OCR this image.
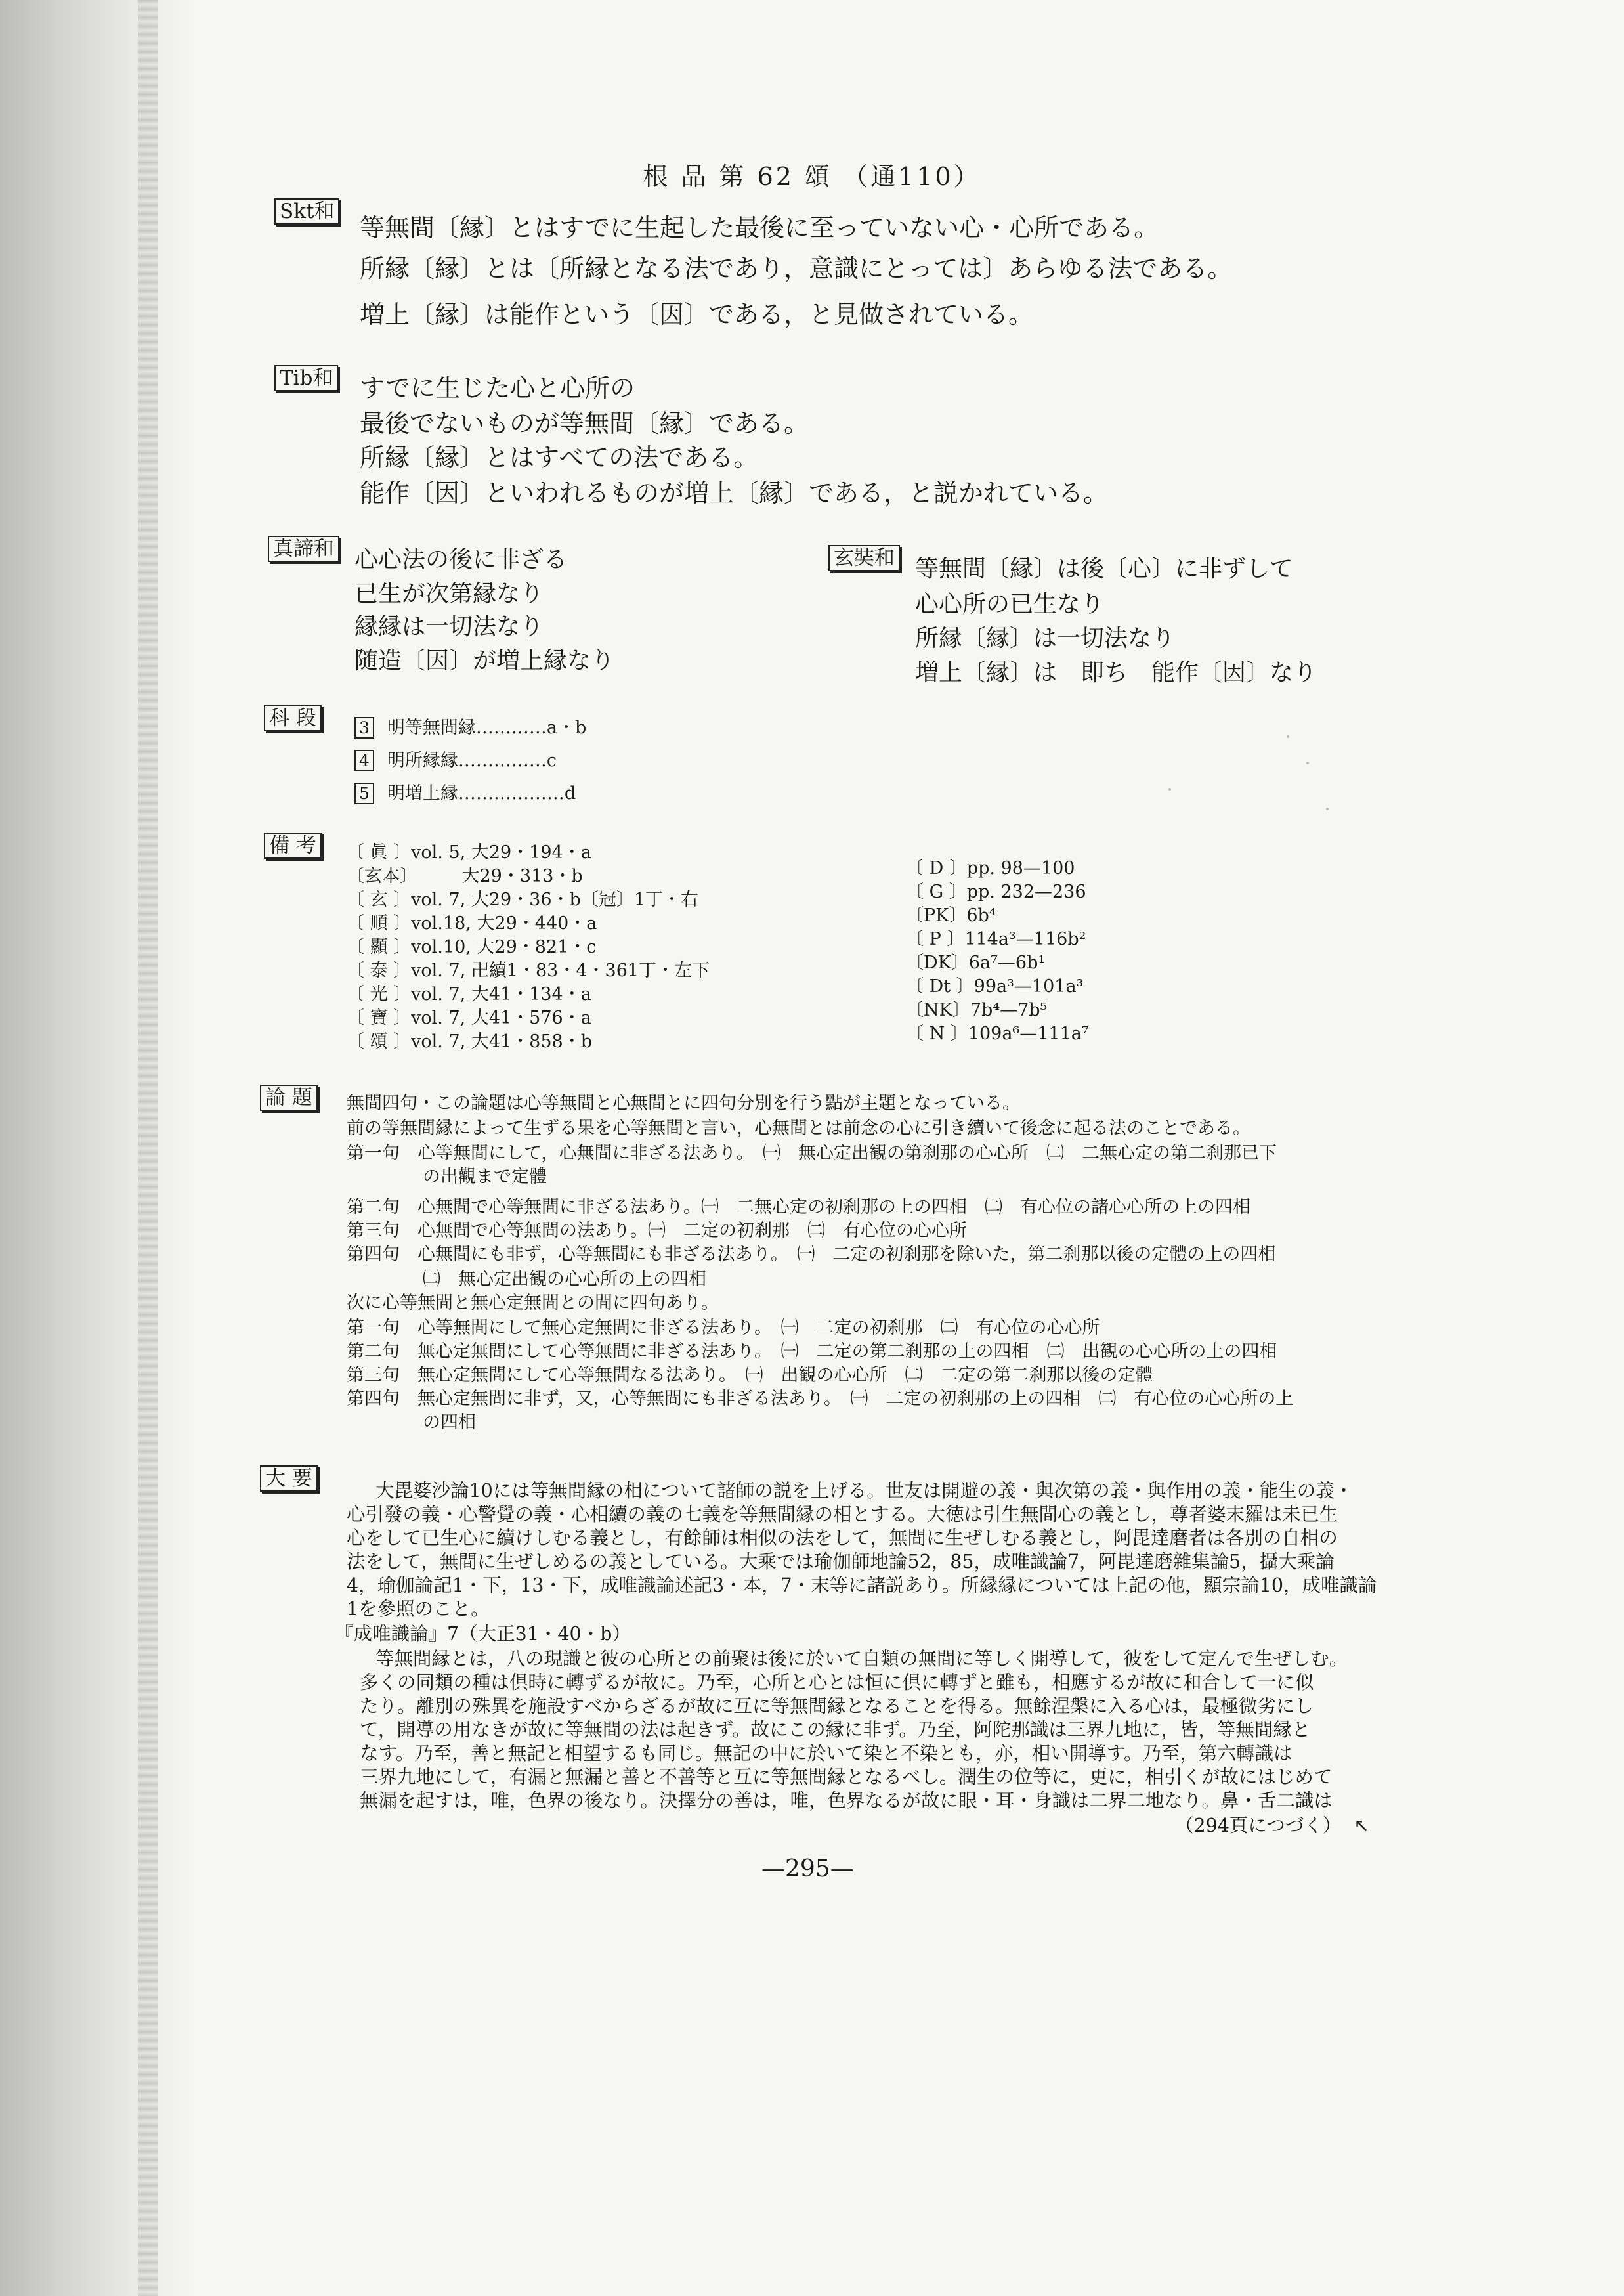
根 品 第 62 頌 （通110）
Skt和
等無間〔縁〕とはすでに生起した最後に至っていない心・心所である。
所縁〔縁〕とは〔所縁となる法であり，意識にとっては〕あらゆる法である。
増上〔縁〕は能作という〔因〕である，と見做されている。
Tib和 すでに生じた心と心所の
最後でないものが等無間〔縁〕である。
所縁〔縁〕とはすべての法である。
能作〔因〕といわれるものが増上〔縁〕である，と説かれている。
真諦和 心心法の後に非ざる
已生が次第縁なり
縁縁は一切法なり
随造〔因〕が増上縁なり
玄奘和 等無間〔縁〕は後〔心〕に非ずして
心心所の已生なり
所縁〔縁〕は一切法なり
増上〔縁〕は　即ち　能作〔因〕なり
科 段	3 明等無間縁…………a・b
4 明所縁縁……………c
5 明増上縁………………d
備 考 〔 眞 〕vol. 5, 大29・194・a
〔玄本〕　　　大29・313・b
〔 玄 〕vol. 7, 大29・36・b〔冠〕1丁・右
〔 順 〕vol.18, 大29・440・a
〔 顯 〕vol.10, 大29・821・c
〔 泰 〕vol. 7, 卍續1・83・4・361丁・左下
〔 光 〕vol. 7, 大41・134・a
〔 寶 〕vol. 7, 大41・576・a
〔 頌 〕vol. 7, 大41・858・b
〔 D 〕pp. 98—100
〔 G 〕pp. 232—236
〔PK〕6b⁴
〔 P 〕114a³—116b²
〔DK〕6a⁷—6b¹
〔 Dt 〕99a³—101a³
〔NK〕7b⁴—7b⁵
〔 N 〕109a⁶—111a⁷
論 題 無間四句・この論題は心等無間と心無間とに四句分別を行う點が主題となっている。
前の等無間縁によって生ずる果を心等無間と言い，心無間とは前念の心に引き續いて後念に起る法のことである。
第一句　心等無間にして，心無間に非ざる法あり。　㈠　無心定出観の第刹那の心心所　㈡　二無心定の第二刹那已下
の出觀まで定體
第二句　心無間で心等無間に非ざる法あり。㈠　二無心定の初刹那の上の四相　㈡　有心位の諸心心所の上の四相
第三句　心無間で心等無間の法あり。㈠　二定の初刹那　㈡　有心位の心心所
第四句　心無間にも非ず，心等無間にも非ざる法あり。　㈠　二定の初刹那を除いた，第二刹那以後の定體の上の四相
㈡　無心定出観の心心所の上の四相
次に心等無間と無心定無間との間に四句あり。
第一句　心等無間にして無心定無間に非ざる法あり。　㈠　二定の初刹那　㈡　有心位の心心所
第二句　無心定無間にして心等無間に非ざる法あり。　㈠　二定の第二刹那の上の四相　㈡　出観の心心所の上の四相
第三句　無心定無間にして心等無間なる法あり。　㈠　出観の心心所　㈡　二定の第二刹那以後の定體
第四句　無心定無間に非ず，又，心等無間にも非ざる法あり。　㈠　二定の初刹那の上の四相　㈡　有心位の心心所の上
の四相
大 要
大毘婆沙論10には等無間縁の相について諸師の説を上げる。世友は開避の義・與次第の義・與作用の義・能生の義・
心引發の義・心警覺の義・心相續の義の七義を等無間縁の相とする。大徳は引生無間心の義とし，尊者婆末羅は未已生
心をして已生心に續けしむる義とし，有餘師は相似の法をして，無間に生ぜしむる義とし，阿毘達磨者は各別の自相の
法をして，無間に生ぜしめるの義としている。大乘では瑜伽師地論52，85，成唯識論7，阿毘達磨雜集論5，攝大乘論
4，瑜伽論記1・下，13・下，成唯識論述記3・本，7・末等に諸説あり。所縁縁については上記の他，顯宗論10，成唯識論
1を參照のこと。
『成唯識論』7（大正31・40・b）
等無間縁とは，八の現識と彼の心所との前聚は後に於いて自類の無間に等しく開導して，彼をして定んで生ぜしむ。
多くの同類の種は倶時に轉ずるが故に。乃至，心所と心とは恒に倶に轉ずと雖も，相應するが故に和合して一に似
たり。離別の殊異を施設すべからざるが故に互に等無間縁となることを得る。無餘涅槃に入る心は，最極微劣にし
て，開導の用なきが故に等無間の法は起きず。故にこの縁に非ず。乃至，阿陀那識は三界九地に，皆，等無間縁と
なす。乃至，善と無記と相望するも同じ。無記の中に於いて染と不染とも，亦，相い開導す。乃至，第六轉識は
三界九地にして，有漏と無漏と善と不善等と互に等無間縁となるべし。潤生の位等に，更に，相引くが故にはじめて
無漏を起すは，唯，色界の後なり。決擇分の善は，唯，色界なるが故に眼・耳・身識は二界二地なり。鼻・舌二識は
（294頁につづく） ↖
—295—
